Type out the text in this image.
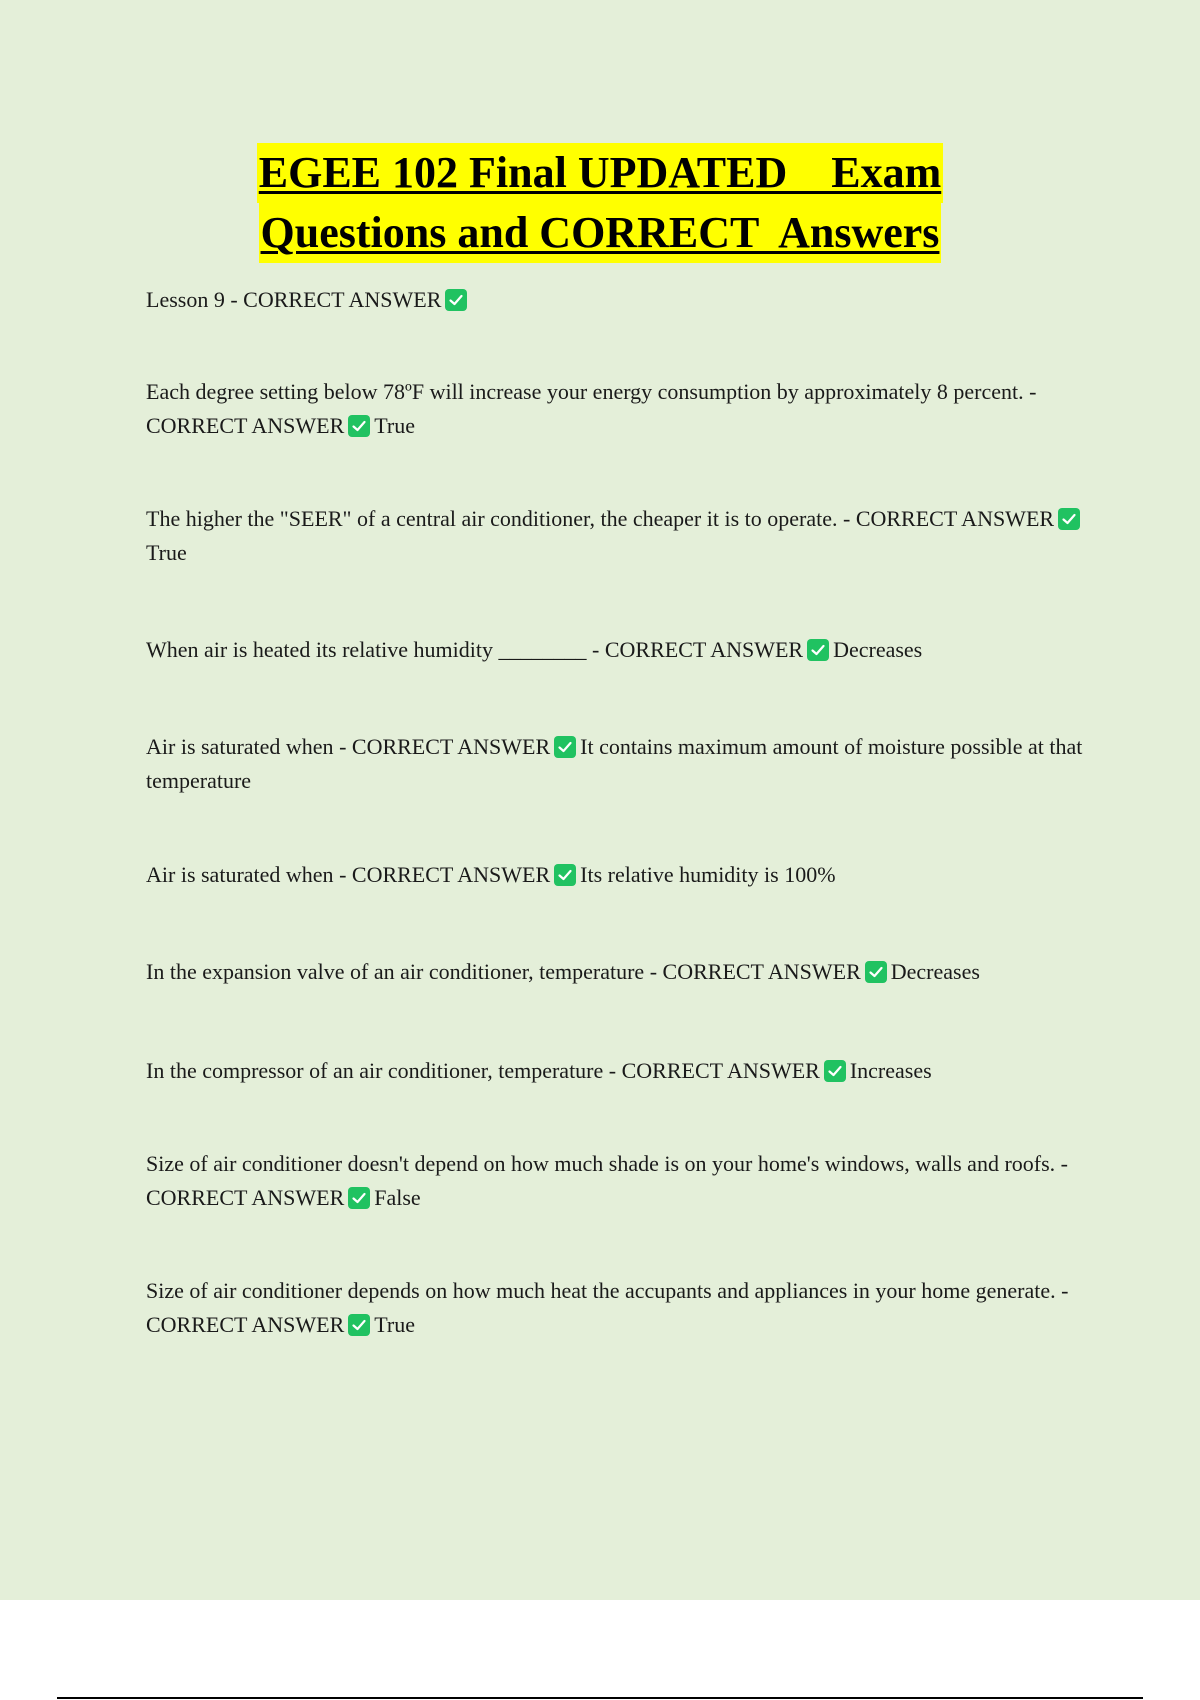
EGEE 102 Final UPDATED    Exam
Questions and CORRECT  Answers

Lesson 9 - CORRECT ANSWER

Each degree setting below 78ºF will increase your energy consumption by approximately 8 percent. - CORRECT ANSWER True

The higher the "SEER" of a central air conditioner, the cheaper it is to operate. - CORRECT ANSWER
True

When air is heated its relative humidity ________ - CORRECT ANSWER Decreases

Air is saturated when - CORRECT ANSWER It contains maximum amount of moisture possible at that temperature

Air is saturated when - CORRECT ANSWER Its relative humidity is 100%

In the expansion valve of an air conditioner, temperature - CORRECT ANSWER Decreases

In the compressor of an air conditioner, temperature - CORRECT ANSWER Increases

Size of air conditioner doesn't depend on how much shade is on your home's windows, walls and roofs. - CORRECT ANSWER False

Size of air conditioner depends on how much heat the accupants and appliances in your home generate. - CORRECT ANSWER True
